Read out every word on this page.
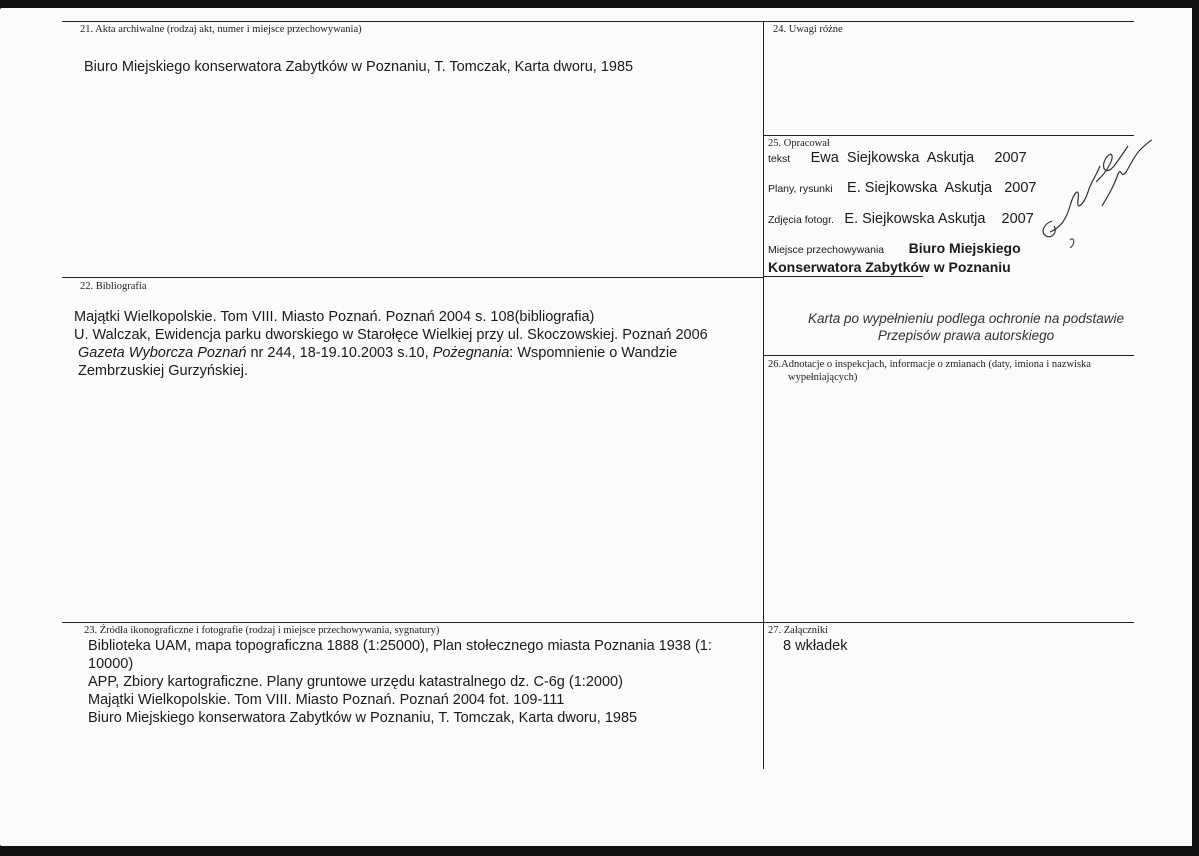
21. Akta archiwalne (rodzaj akt, numer i miejsce przechowywania)
Biuro Miejskiego konserwatora Zabytków w Poznaniu, T. Tomczak, Karta dworu, 1985
22. Bibliografia
Majątki Wielkopolskie. Tom VIII. Miasto Poznań. Poznań 2004 s. 108(bibliografia)
U. Walczak, Ewidencja parku dworskiego w Starołęce Wielkiej przy ul. Skoczowskiej. Poznań 2006
Gazeta Wyborcza Poznań nr 244, 18-19.10.2003 s.10, Pożegnania: Wspomnienie o Wandzie Zembrzuskiej Gurzyńskiej.
23. Źródła ikonograficzne i fotografie (rodzaj i miejsce przechowywania, sygnatury)
Biblioteka UAM, mapa topograficzna 1888 (1:25000), Plan stołecznego miasta Poznania 1938 (1: 10000)
APP, Zbiory kartograficzne. Plany gruntowe urzędu katastralnego dz. C-6g (1:2000)
Majątki Wielkopolskie. Tom VIII. Miasto Poznań. Poznań 2004 fot. 109-111
Biuro Miejskiego konserwatora Zabytków w Poznaniu, T. Tomczak, Karta dworu, 1985
24. Uwagi różne
25. Opracował
tekst Ewa  Siejkowska  Askutja     2007
Plany, rysunki E. Siejkowska  Askutja   2007
Zdjęcia fotogr. E. Siejkowska Askutja    2007
Miejsce przechowywania Biuro Miejskiego
Konserwatora Zabytków w Poznaniu
Karta po wypełnieniu podlega ochronie na podstawie
Przepisów prawa autorskiego
26.Adnotacje o inspekcjach, informacje o zmianach (daty, imiona i nazwiska
wypełniających)
27. Załączniki
8 wkładek
